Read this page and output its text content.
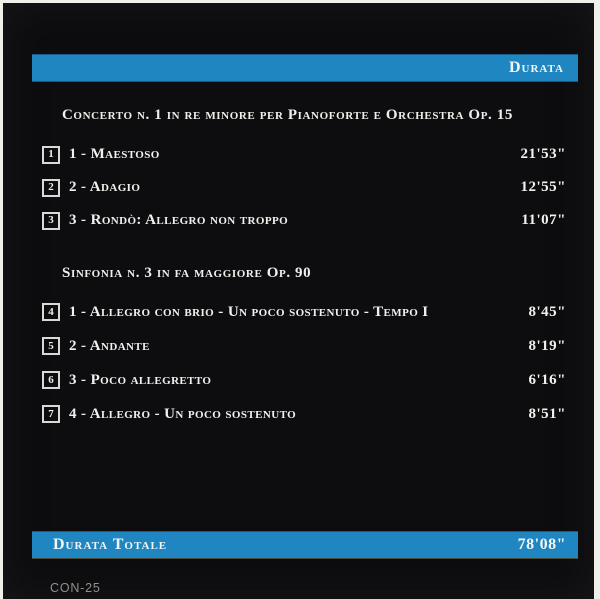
Durata
Concerto n. 1 in re minore per Pianoforte e Orchestra Op. 15
1 1 - Maestoso	21'53"
2 2 - Adagio	12'55"
3 3 - Rondò: Allegro non troppo	11'07"
Sinfonia n. 3 in fa maggiore Op. 90
4 1 - Allegro con brio - Un poco sostenuto - Tempo I	8'45"
5 2 - Andante	8'19"
6 3 - Poco allegretto	6'16"
7 4 - Allegro - Un poco sostenuto	8'51"
Durata Totale	78'08"
CON-25
